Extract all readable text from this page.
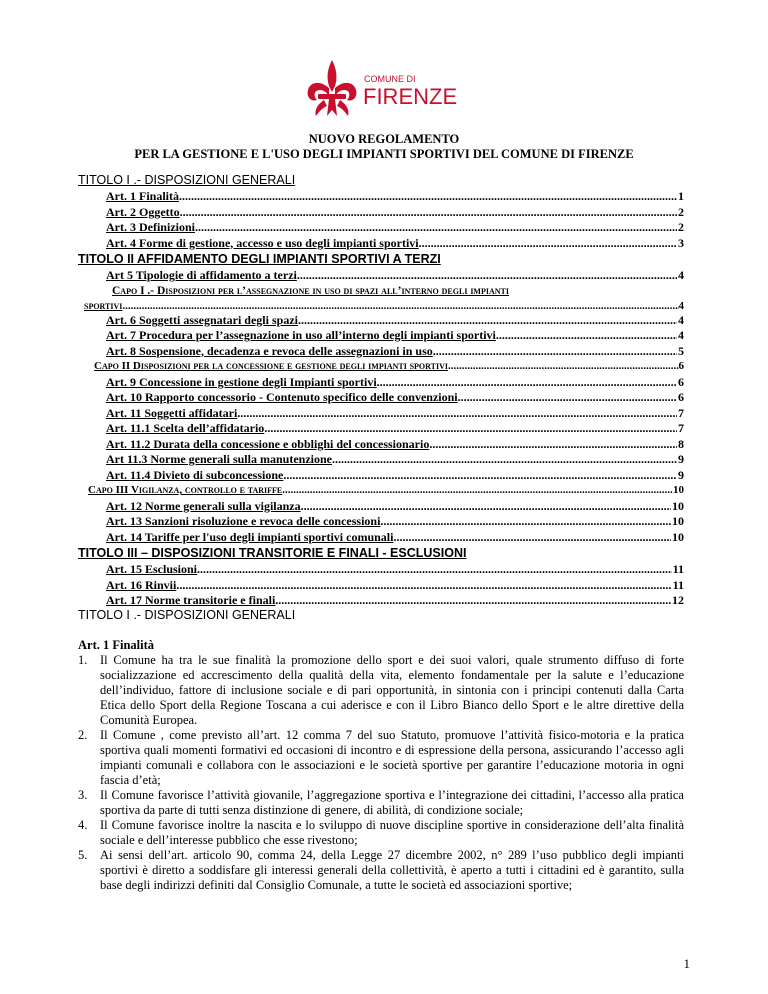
COMUNE DI
FIRENZE
NUOVO REGOLAMENTO
PER LA GESTIONE E L'USO DEGLI IMPIANTI SPORTIVI DEL COMUNE DI FIRENZE
TITOLO I .- DISPOSIZIONI GENERALI
Art. 1 Finalità .....	1
Art. 2 Oggetto .....	2
Art. 3 Definizioni .....	2
Art. 4 Forme di gestione, accesso e uso degli impianti sportivi .....	3
TITOLO II AFFIDAMENTO DEGLI IMPIANTI SPORTIVI A TERZI
Art 5 Tipologie di affidamento a terzi .....	4
Capo I .- Disposizioni per l’assegnazione in uso di spazi all’interno degli impianti
sportivi .....	4
Art. 6 Soggetti assegnatari degli spazi .....	4
Art. 7 Procedura per l’assegnazione in uso all’interno degli impianti sportivi .....	4
Art. 8 Sospensione, decadenza e revoca delle assegnazioni in uso .....	5
Capo II Disposizioni per la concessione e gestione degli impianti sportivi .....	6
Art. 9 Concessione in gestione degli Impianti sportivi .....	6
Art. 10 Rapporto concessorio - Contenuto specifico delle convenzioni .....	6
Art. 11 Soggetti affidatari .....	7
Art. 11.1 Scelta dell’affidatario .....	7
Art. 11.2 Durata della concessione e obblighi del concessionario .....	8
Art 11.3 Norme generali sulla manutenzione .....	9
Art. 11.4 Divieto di subconcessione .....	9
Capo III Vigilanza, controllo e tariffe .....	10
Art. 12 Norme generali sulla vigilanza .....	10
Art. 13 Sanzioni risoluzione e revoca delle concessioni .....	10
Art. 14 Tariffe per l'uso degli impianti sportivi comunali .....	10
TITOLO III – DISPOSIZIONI TRANSITORIE E FINALI - ESCLUSIONI
Art. 15 Esclusioni .....	11
Art. 16 Rinvii .....	11
Art. 17 Norme transitorie e finali .....	12

TITOLO I .- DISPOSIZIONI GENERALI

Art. 1 Finalità

1.	Il Comune ha tra le sue finalità la promozione dello sport e dei suoi valori, quale strumento diffuso di forte socializzazione ed accrescimento della qualità della vita, elemento fondamentale per la salute e l’educazione dell’individuo, fattore di inclusione sociale e di pari opportunità, in sintonia con i principi contenuti dalla Carta Etica dello Sport della Regione Toscana a cui aderisce e con il Libro Bianco dello Sport e le altre direttive della Comunità Europea.
2.	Il Comune , come previsto all’art. 12 comma 7 del suo Statuto, promuove l’attività fisico-motoria e la pratica sportiva quali momenti formativi ed occasioni di incontro e di espressione della persona, assicurando l’accesso agli impianti comunali e collabora con le associazioni e le società sportive per garantire l’educazione motoria in ogni fascia d’età;
3.	Il Comune favorisce l’attività giovanile, l’aggregazione sportiva e l’integrazione dei cittadini, l’accesso alla pratica sportiva da parte di tutti senza distinzione di genere, di abilità, di condizione sociale;
4.	Il Comune favorisce inoltre la nascita e lo sviluppo di nuove discipline sportive in considerazione dell’alta finalità sociale e dell’interesse pubblico che esse rivestono;
5.	Ai sensi dell’art. articolo 90, comma 24, della Legge 27 dicembre 2002, n° 289 l’uso pubblico degli impianti sportivi è diretto a soddisfare gli interessi generali della collettività, è aperto a tutti i cittadini ed è garantito, sulla base degli indirizzi definiti dal Consiglio Comunale, a tutte le società ed associazioni sportive;
1
